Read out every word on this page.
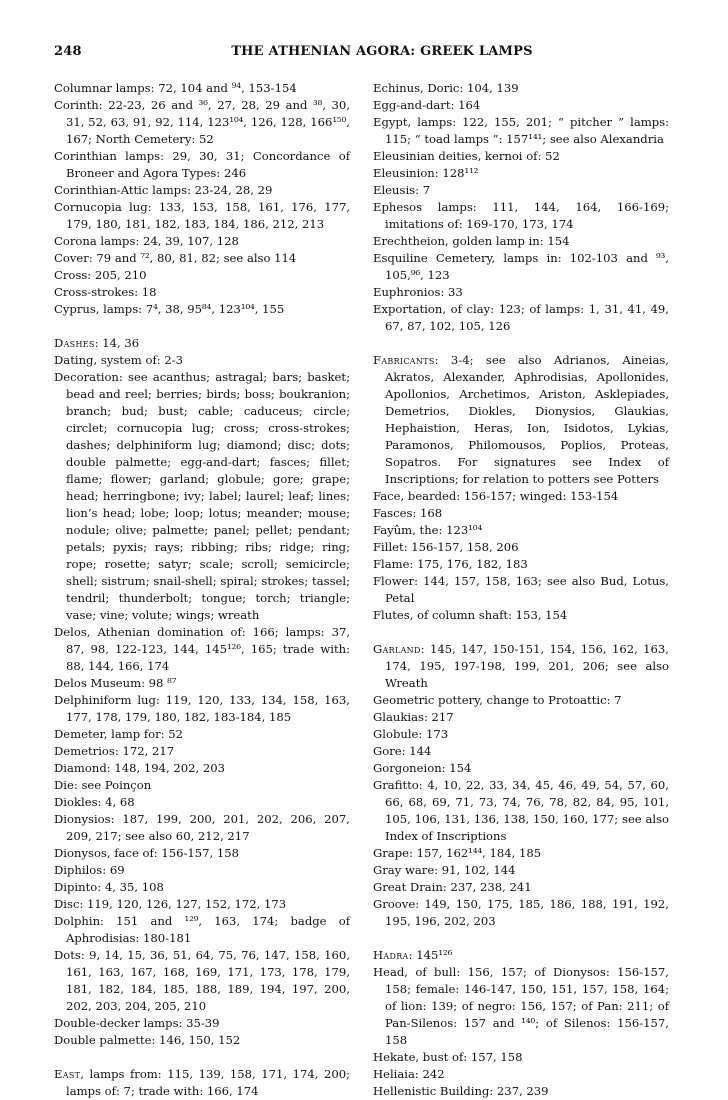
248	THE ATHENIAN AGORA: GREEK LAMPS

Columnar lamps: 72, 104 and $^{94}$, 153-154

Corinth: 22-23, 26 and ³⁶, 27, 28, 29 and ³⁸, 30, 31, 52, 63, 91, 92, 114, 123¹⁰⁴, 126, 128, 166¹⁵⁰, 167; North Cemetery: 52

Corinthian lamps: 29, 30, 31; Concordance of Broneer and Agora Types: 246

Corinthian-Attic lamps: 23-24, 28, 29

Cornucopia lug: 133, 153, 158, 161, 176, 177, 179, 180, 181, 182, 183, 184, 186, 212, 213

Corona lamps: 24, 39, 107, 128

Cover: 79 and ⁷², 80, 81, 82; see also 114

Cross: 205, 210

Cross-strokes: 18

Cyprus, lamps: 7⁴, 38, 95⁸⁴, 123¹⁰⁴, 155

Dashes: 14, 36

Dating, system of: 2-3

Decoration: see acanthus; astragal; bars; basket; bead and reel; berries; birds; boss; boukranion; branch; bud; bust; cable; caduceus; circle; circlet; cornucopia lug; cross; cross-strokes; dashes; delphiniform lug; diamond; disc; dots; double palmette; egg-and-dart; fasces; fillet; flame; flower; garland; globule; gore; grape; head; herringbone; ivy; label; laurel; leaf; lines; lion’s head; lobe; loop; lotus; meander; mouse; nodule; olive; palmette; panel; pellet; pendant; petals; pyxis; rays; ribbing; ribs; ridge; ring; rope; rosette; satyr; scale; scroll; semicircle; shell; sistrum; snail-shell; spiral; strokes; tassel; tendril; thunderbolt; tongue; torch; triangle; vase; vine; volute; wings; wreath

Delos, Athenian domination of: 166; lamps: 37, 87, 98, 122-123, 144, 145¹²⁶, 165; trade with: 88, 144, 166, 174

Delos Museum: 98 ⁸⁷

Delphiniform lug: 119, 120, 133, 134, 158, 163, 177, 178, 179, 180, 182, 183-184, 185

Demeter, lamp for: 52

Demetrios: 172, 217

Diamond: 148, 194, 202, 203

Die: see Poinçon

Diokles: 4, 68

Dionysios: 187, 199, 200, 201, 202, 206, 207, 209, 217; see also 60, 212, 217

Dionysos, face of: 156-157, 158

Diphilos: 69

Dipinto: 4, 35, 108

Disc: 119, 120, 126, 127, 152, 172, 173

Dolphin: 151 and ¹²⁹, 163, 174; badge of Aphrodisias: 180-181

Dots: 9, 14, 15, 36, 51, 64, 75, 76, 147, 158, 160, 161, 163, 167, 168, 169, 171, 173, 178, 179, 181, 182, 184, 185, 188, 189, 194, 197, 200, 202, 203, 204, 205, 210

Double-decker lamps: 35-39

Double palmette: 146, 150, 152

East, lamps from: 115, 139, 158, 171, 174, 200; lamps of: 7; trade with: 166, 174

Echinus, Doric: 104, 139

Egg-and-dart: 164

Egypt, lamps: 122, 155, 201; “ pitcher ” lamps: 115; “ toad lamps ”: 157¹⁴¹; see also Alexandria

Eleusinian deities, kernoi of: 52

Eleusinion: 128¹¹²

Eleusis: 7

Ephesos lamps: 111, 144, 164, 166-169; imitations of: 169-170, 173, 174

Erechtheion, golden lamp in: 154

Esquiline Cemetery, lamps in: 102-103 and ⁹³, 105,⁹⁶, 123

Euphronios: 33

Exportation, of clay: 123; of lamps: 1, 31, 41, 49, 67, 87, 102, 105, 126

Fabricants: 3-4; see also Adrianos, Aineias, Akratos, Alexander, Aphrodisias, Apollonides, Apollonios, Archetimos, Ariston, Asklepiades, Demetrios, Diokles, Dionysios, Glaukias, Hephaistion, Heras, Ion, Isidotos, Lykias, Paramonos, Philomousos, Poplios, Proteas, Sopatros. For signatures see Index of Inscriptions; for relation to potters see Potters

Face, bearded: 156-157; winged: 153-154

Fasces: 168

Fayûm, the: 123¹⁰⁴

Fillet: 156-157, 158, 206

Flame: 175, 176, 182, 183

Flower: 144, 157, 158, 163; see also Bud, Lotus, Petal

Flutes, of column shaft: 153, 154

Garland: 145, 147, 150-151, 154, 156, 162, 163, 174, 195, 197-198, 199, 201, 206; see also Wreath

Geometric pottery, change to Protoattic: 7

Glaukias: 217

Globule: 173

Gore: 144

Gorgoneion: 154

Grafitto: 4, 10, 22, 33, 34, 45, 46, 49, 54, 57, 60, 66, 68, 69, 71, 73, 74, 76, 78, 82, 84, 95, 101, 105, 106, 131, 136, 138, 150, 160, 177; see also Index of Inscriptions

Grape: 157, 162¹⁴⁴, 184, 185

Gray ware: 91, 102, 144

Great Drain: 237, 238, 241

Groove: 149, 150, 175, 185, 186, 188, 191, 192, 195, 196, 202, 203

Hadra: 145¹²⁶

Head, of bull: 156, 157; of Dionysos: 156-157, 158; female: 146-147, 150, 151, 157, 158, 164; of lion: 139; of negro: 156, 157; of Pan: 211; of Pan-Silenos: 157 and ¹⁴⁰; of Silenos: 156-157, 158

Hekate, bust of: 157, 158

Heliaia: 242

Hellenistic Building: 237, 239
